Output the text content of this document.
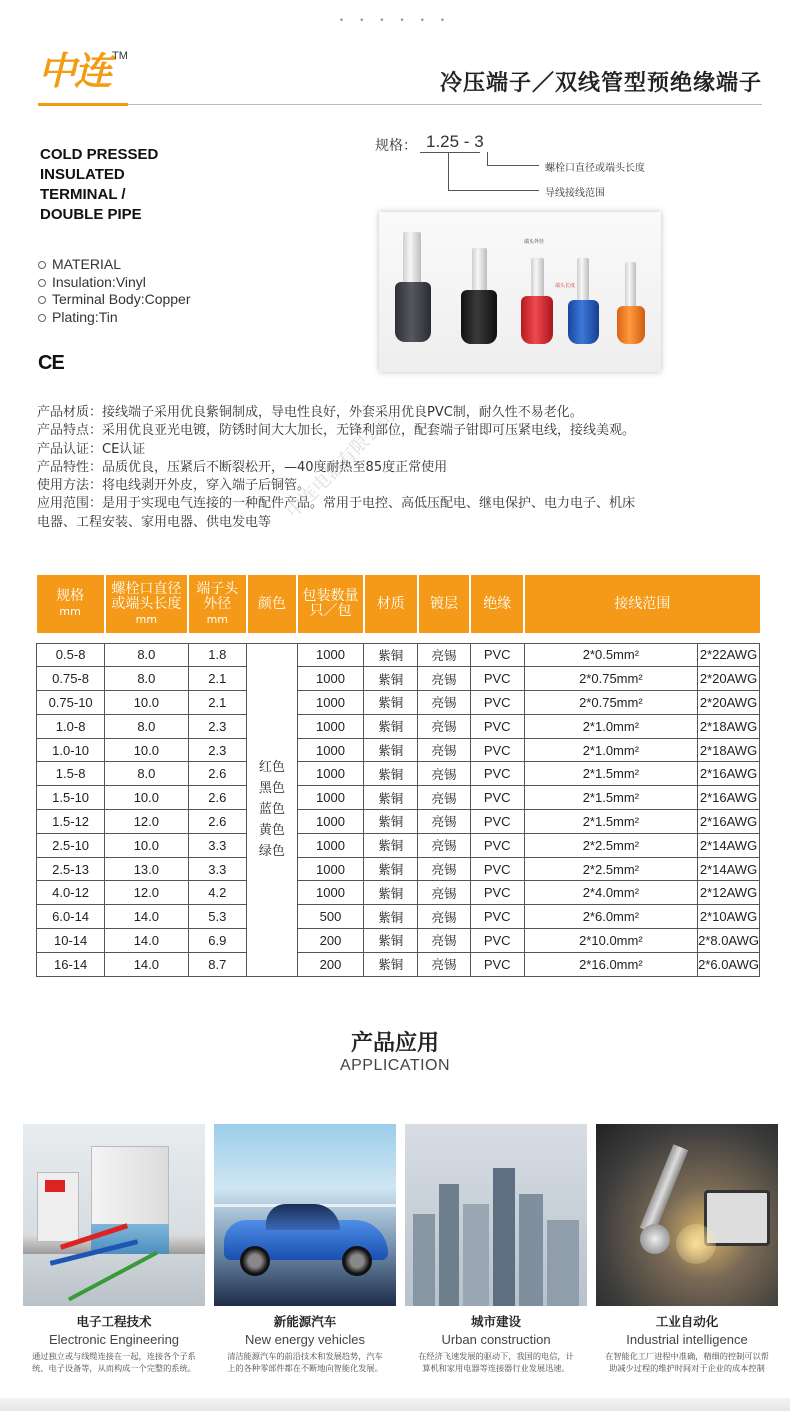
• • • • • •
中连 TM
冷压端子／双线管型预绝缘端子
COLD PRESSED
INSULATED
TERMINAL /
DOUBLE PIPE
MATERIAL
Insulation:Vinyl
Terminal Body:Copper
Plating:Tin
CE
规格： 1.25 - 3
螺栓口直径或端头长度
导线接线范围
端头外径
端头长度
产品材质：接线端子采用优良紫铜制成，导电性良好，外套采用优良PVC制，耐久性不易老化。
产品特点：采用优良亚光电镀，防锈时间大大加长，无锋利部位，配套端子钳即可压紧电线，接线美观。
产品认证：CE认证
产品特性：品质优良，压紧后不断裂松开，—40度耐热至85度正常使用
使用方法：将电线剥开外皮，穿入端子后铜管。
应用范围：是用于实现电气连接的一种配件产品。常用于电控、高低压配电、继电保护、电力电子、机床
电器、工程安装、家用电器、供电发电等 中连电器有限公司
规格
mm	螺栓口直径
或端头长度
mm	端子头
外径
mm	颜色	包装数量
只／包	材质	镀层	绝缘	接线范围	

0.5-8	8.0	1.8	红色
黑色
蓝色
黄色
绿色	1000	紫铜	亮锡	PVC	2*0.5mm²	2*22AWG
0.75-8	8.0	2.1		1000	紫铜	亮锡	PVC	2*0.75mm²	2*20AWG
0.75-10	10.0	2.1		1000	紫铜	亮锡	PVC	2*0.75mm²	2*20AWG
1.0-8	8.0	2.3		1000	紫铜	亮锡	PVC	2*1.0mm²	2*18AWG
1.0-10	10.0	2.3		1000	紫铜	亮锡	PVC	2*1.0mm²	2*18AWG
1.5-8	8.0	2.6		1000	紫铜	亮锡	PVC	2*1.5mm²	2*16AWG
1.5-10	10.0	2.6		1000	紫铜	亮锡	PVC	2*1.5mm²	2*16AWG
1.5-12	12.0	2.6		1000	紫铜	亮锡	PVC	2*1.5mm²	2*16AWG
2.5-10	10.0	3.3		1000	紫铜	亮锡	PVC	2*2.5mm²	2*14AWG
2.5-13	13.0	3.3		1000	紫铜	亮锡	PVC	2*2.5mm²	2*14AWG
4.0-12	12.0	4.2		1000	紫铜	亮锡	PVC	2*4.0mm²	2*12AWG
6.0-14	14.0	5.3		500	紫铜	亮锡	PVC	2*6.0mm²	2*10AWG
10-14	14.0	6.9		200	紫铜	亮锡	PVC	2*10.0mm²	2*8.0AWG
16-14	14.0	8.7		200	紫铜	亮锡	PVC	2*16.0mm²	2*6.0AWG
产品应用
APPLICATION
电子工程技术
Electronic Engineering
通过独立或与线缆连接在一起，连接各个子系
统、电子设备等，从而构成一个完整的系统。
新能源汽车
New energy vehicles
清洁能源汽车的前沿技术和发展趋势，汽车
上的各种零部件都在不断地向智能化发展。
城市建设
Urban construction
在经济飞速发展的驱动下，我国的电信，计
算机和家用电器等连接器行业发展迅速。
工业自动化
Industrial intelligence
在智能化工厂进程中准确，精细的控制可以帮
助减少过程的维护时间对于企业的成本控制
